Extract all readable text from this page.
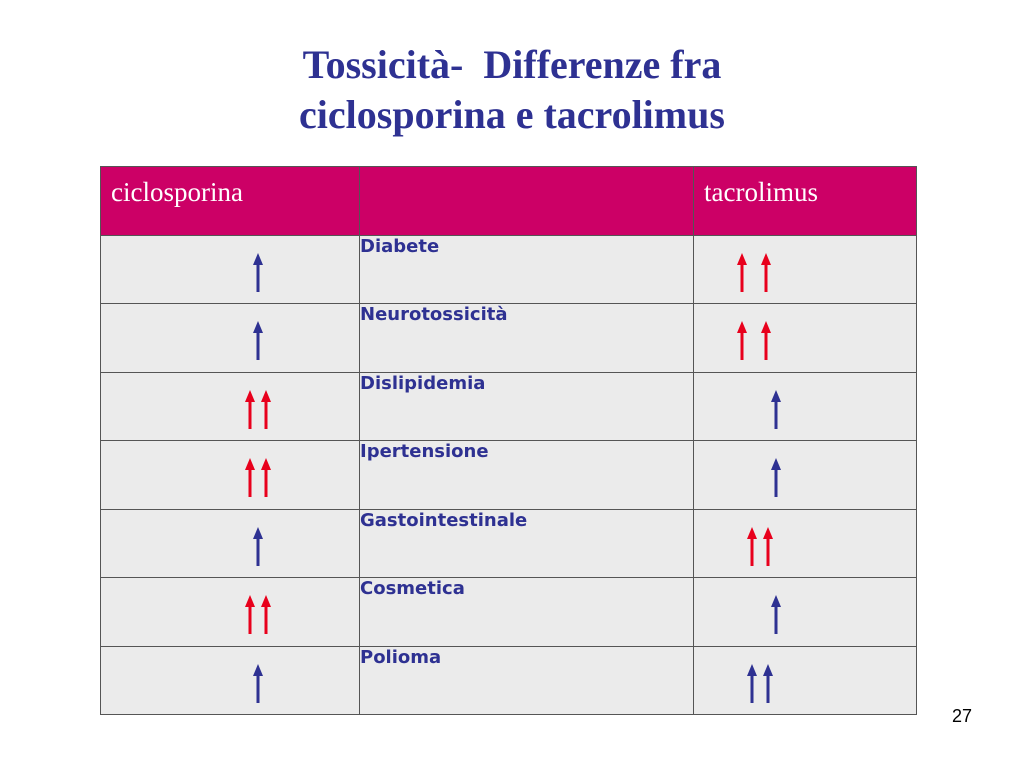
Tossicità-  Differenze fra
ciclosporina e tacrolimus
ciclosporina		tacrolimus

	Diabete	

	Neurotossicità	

	Dislipidemia	

	Ipertensione	

	Gastointestinale	

	Cosmetica	

	Polioma	
27
